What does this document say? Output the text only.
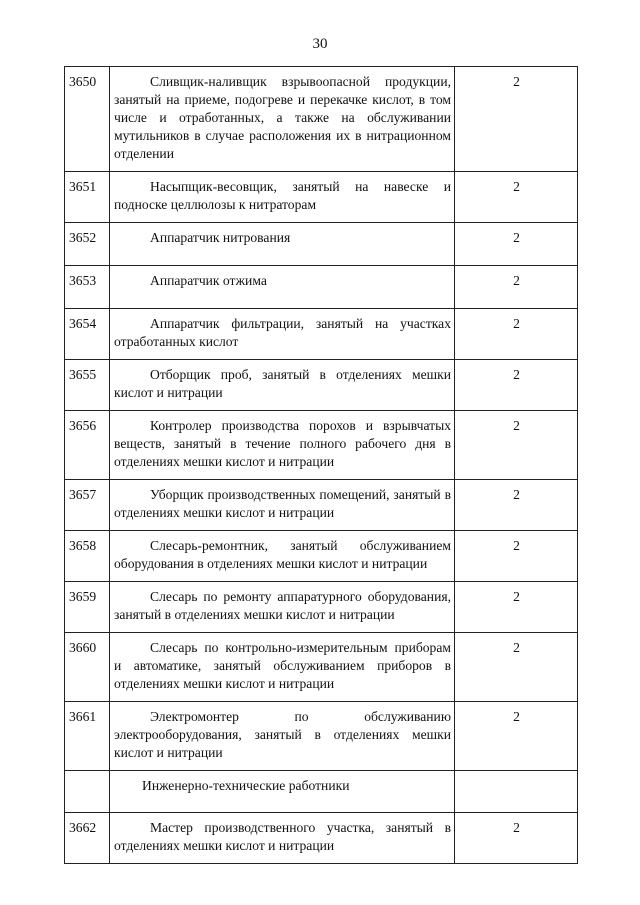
30
3650	Сливщик-наливщик взрывоопасной продукции, занятый на приеме, подогреве и перекачке кислот, в том числе и отработанных, а также на обслуживании мутильников в случае расположения их в нитрационном отделении	2
3651	Насыпщик-весовщик, занятый на навеске и подноске целлюлозы к нитраторам	2
3652	Аппаратчик нитрования	2
3653	Аппаратчик отжима	2
3654	Аппаратчик фильтрации, занятый на участках отработанных кислот	2
3655	Отборщик проб, занятый в отделениях мешки кислот и нитрации	2
3656	Контролер производства порохов и взрывчатых веществ, занятый в течение полного рабочего дня в отделениях мешки кислот и нитрации	2
3657	Уборщик производственных помещений, занятый в отделениях мешки кислот и нитрации	2
3658	Слесарь-ремонтник, занятый обслуживанием оборудования в отделениях мешки кислот и нитрации	2
3659	Слесарь по ремонту аппаратурного оборудования, занятый в отделениях мешки кислот и нитрации	2
3660	Слесарь по контрольно-измерительным приборам и автоматике, занятый обслуживанием приборов в отделениях мешки кислот и нитрации	2
3661	Электромонтер по обслуживанию электрооборудования, занятый в отделениях мешки кислот и нитрации	2

	Инженерно-технические работники	

3662	Мастер производственного участка, занятый в отделениях мешки кислот и нитрации	2
